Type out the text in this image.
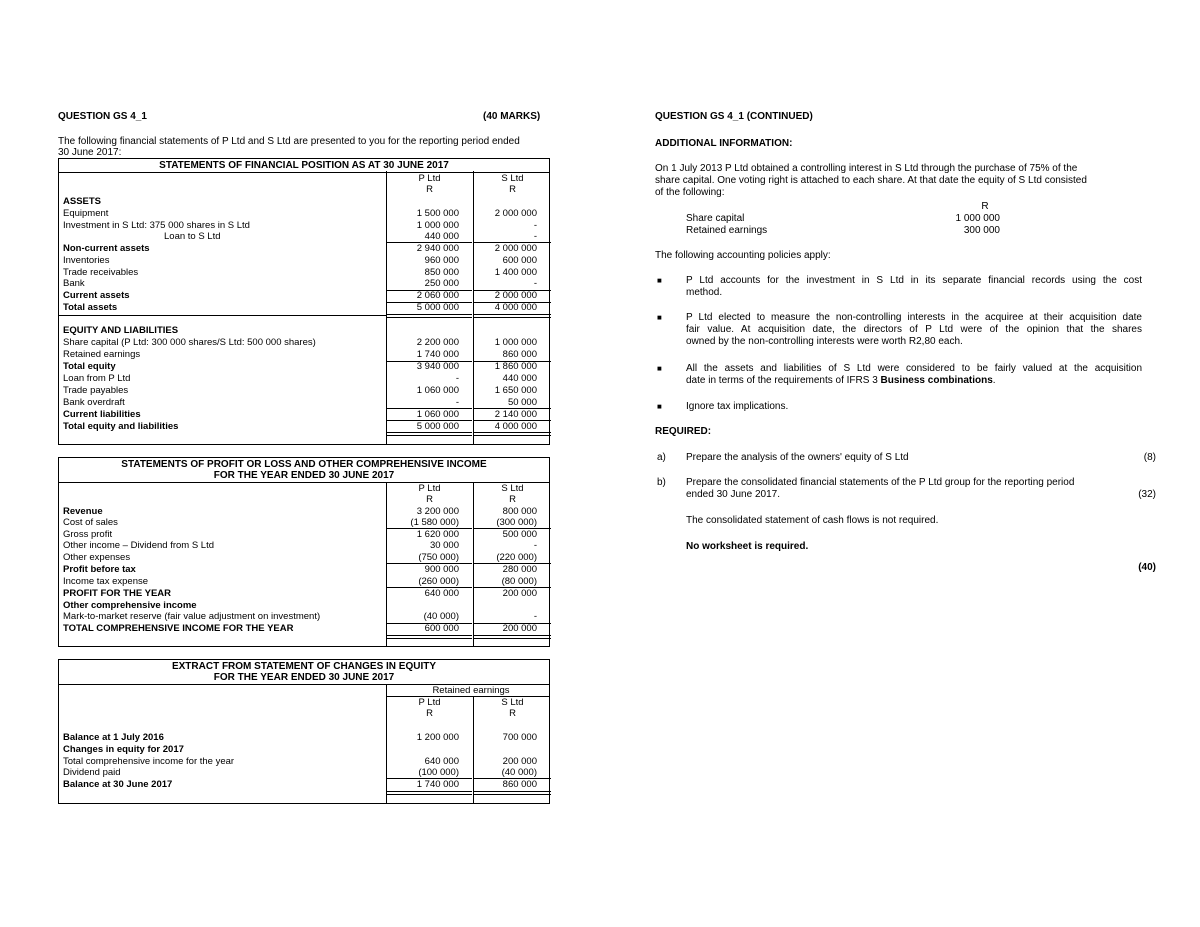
QUESTION GS 4_1	(40 MARKS)
The following financial statements of P Ltd and S Ltd are presented to you for the reporting period ended
30 June 2017:
STATEMENTS OF FINANCIAL POSITION AS AT 30 JUNE 2017
P Ltd	S Ltd
R	R
ASSETS
Equipment	1 500 000	2 000 000
Investment in S Ltd: 375 000 shares in S Ltd	1 000 000	-
Loan to S Ltd	440 000	-
Non-current assets	2 940 000	2 000 000
Inventories	960 000	600 000
Trade receivables	850 000	1 400 000
Bank	250 000	-
Current assets	2 060 000	2 000 000
Total assets	5 000 000	4 000 000
EQUITY AND LIABILITIES
Share capital (P Ltd: 300 000 shares/S Ltd: 500 000 shares)	2 200 000	1 000 000
Retained earnings	1 740 000	860 000
Total equity	3 940 000	1 860 000
Loan from P Ltd	-	440 000
Trade payables	1 060 000	1 650 000
Bank overdraft	-	50 000
Current liabilities	1 060 000	2 140 000
Total equity and liabilities	5 000 000	4 000 000
STATEMENTS OF PROFIT OR LOSS AND OTHER COMPREHENSIVE INCOME
FOR THE YEAR ENDED 30 JUNE 2017
P Ltd	S Ltd
R	R
Revenue	3 200 000	800 000
Cost of sales	(1 580 000)	(300 000)
Gross profit	1 620 000	500 000
Other income – Dividend from S Ltd	30 000	-
Other expenses	(750 000)	(220 000)
Profit before tax	900 000	280 000
Income tax expense	(260 000)	(80 000)
PROFIT FOR THE YEAR	640 000	200 000
Other comprehensive income
Mark-to-market reserve (fair value adjustment on investment)	(40 000)	-
TOTAL COMPREHENSIVE INCOME FOR THE YEAR	600 000	200 000
EXTRACT FROM STATEMENT OF CHANGES IN EQUITY
FOR THE YEAR ENDED 30 JUNE 2017
Retained earnings
P Ltd	S Ltd
R	R
Balance at 1 July 2016	1 200 000	700 000
Changes in equity for 2017
Total comprehensive income for the year	640 000	200 000
Dividend paid	(100 000)	(40 000)
Balance at 30 June 2017	1 740 000	860 000
QUESTION GS 4_1 (CONTINUED)
ADDITIONAL INFORMATION:
On 1 July 2013 P Ltd obtained a controlling interest in S Ltd through the purchase of 75% of the
share capital. One voting right is attached to each share. At that date the equity of S Ltd consisted
of the following:
R
Share capital	1 000 000
Retained earnings	300 000
The following accounting policies apply:
■ P Ltd accounts for the investment in S Ltd in its separate financial records using the cost
method.
■ P Ltd elected to measure the non-controlling interests in the acquiree at their acquisition date
fair value. At acquisition date, the directors of P Ltd were of the opinion that the shares
owned by the non-controlling interests were worth R2,80 each.
■ All the assets and liabilities of S Ltd were considered to be fairly valued at the acquisition
date in terms of the requirements of IFRS 3 Business combinations.
■ Ignore tax implications.
REQUIRED:
a) Prepare the analysis of the owners' equity of S Ltd	(8)
b) Prepare the consolidated financial statements of the P Ltd group for the reporting period
ended 30 June 2017.	(32)
The consolidated statement of cash flows is not required.
No worksheet is required.
(40)
